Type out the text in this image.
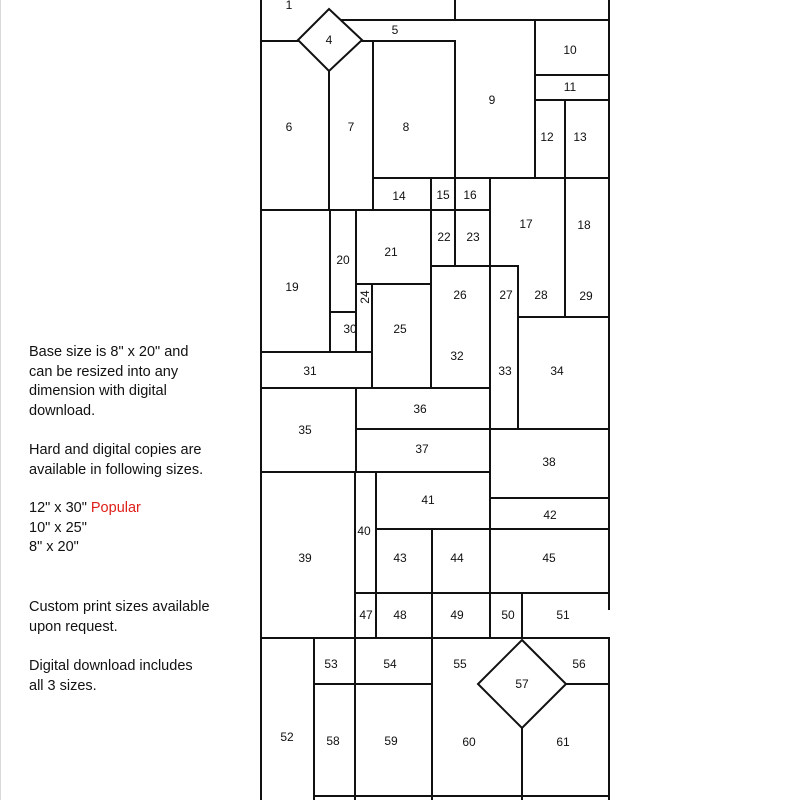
Base size is 8" x 20" and
can be resized into any
dimension with digital
download.
Hard and digital copies are
available in following sizes.
12" x 30" Popular
10" x 25"
8" x 20"
Custom print sizes available
upon request.
Digital download includes
all 3 sizes.
1
4
5
10
11
6	7	8
9
12 13
14	15 16
17	18
22 23
20
21
19
24	26	27 28	29
30	25
32
31	33	34
36
35
37
38
41
42
40
39	43	44	45
47 48	49	50	51
53	54	55	56
57
52	58	59	60	61
